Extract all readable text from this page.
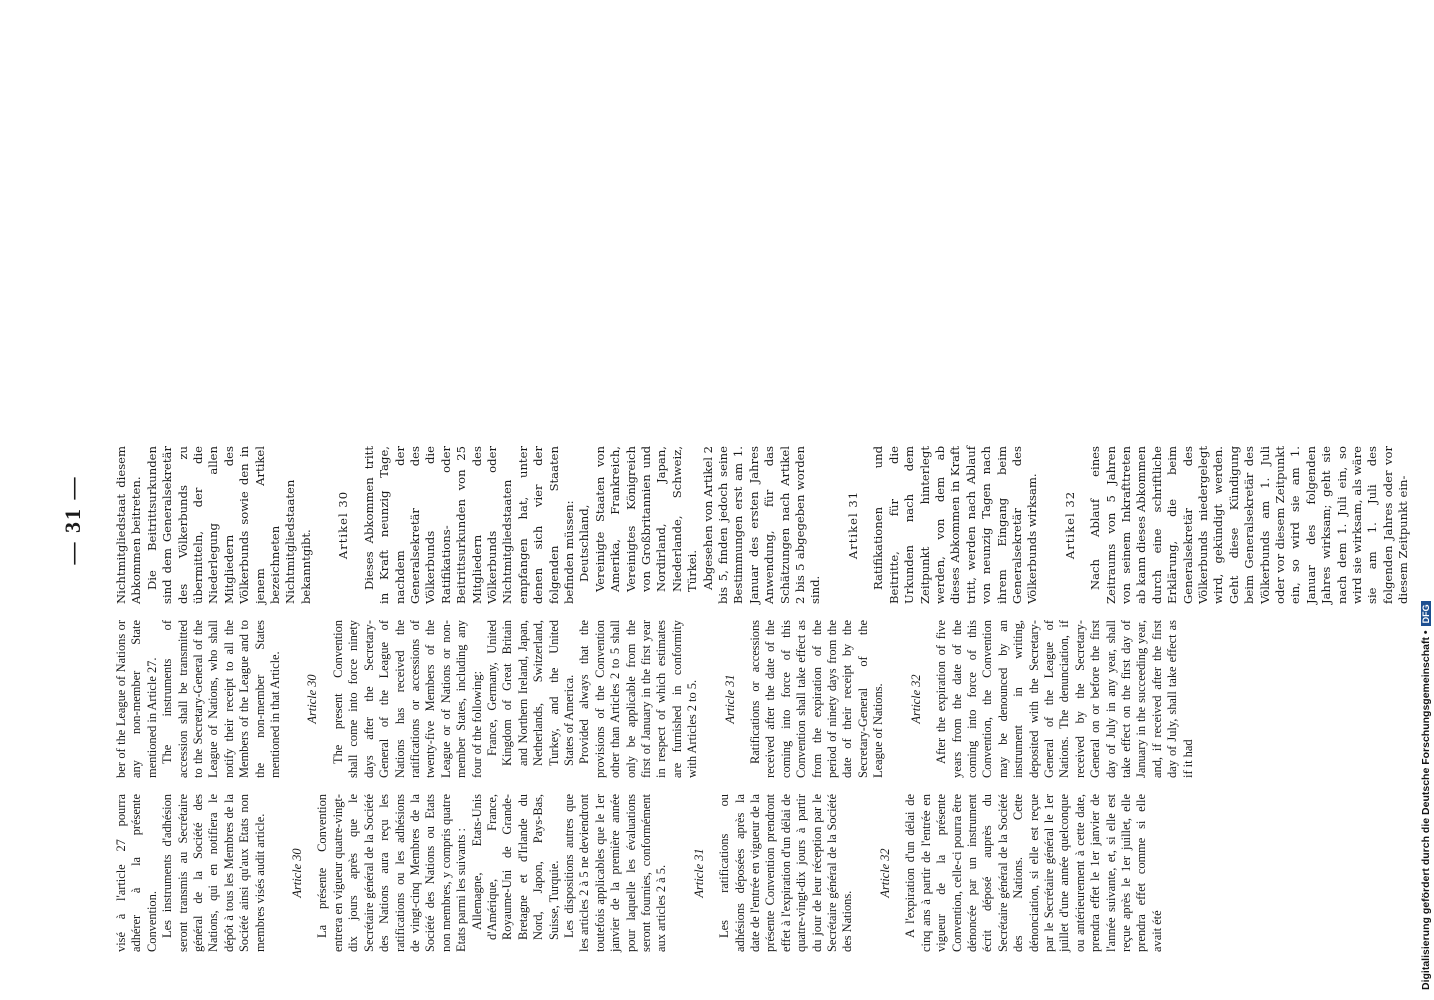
— 31 —

visé à l'article 27 pourra adhérer à la présente Convention. Les instruments d'adhésion seront transmis au Secrétaire général de la Société des Nations, qui en notifiera le dépôt à tous les Membres de la Société ainsi qu'aux Etats non membres visés audit article. Article 30 La présente Convention entrera en vigueur quatre-vingt-dix jours après que le Secrétaire général de la Société des Nations aura reçu les ratifications ou les adhésions de vingt-cinq Membres de la Société des Nations ou Etats non membres, y compris quatre Etats parmi les suivants : Allemagne, Etats-Unis d'Amérique, France, Royaume-Uni de Grande-Bretagne et d'Irlande du Nord, Japon, Pays-Bas, Suisse, Turquie. Les dispositions autres que les articles 2 à 5 ne deviendront toutefois applicables que le 1er janvier de la première année pour laquelle les évaluations seront fournies, conformément aux articles 2 à 5. Article 31 Les ratifications ou adhésions déposées après la date de l'entrée en vigueur de la présente Convention prendront effet à l'expiration d'un délai de quatre-vingt-dix jours à partir du jour de leur réception par le Secrétaire général de la Société des Nations.

Article 32 A l'expiration d'un délai de cinq ans à partir de l'entrée en vigueur de la présente Convention, celle-ci pourra être dénoncée par un instrument écrit déposé auprès du Secrétaire général de la Société des Nations. Cette dénonciation, si elle est reçue par le Secrétaire général le 1er juillet d'une année quelconque ou antérieurement à cette date, prendra effet le 1er janvier de l'année suivante, et, si elle est reçue après le 1er juillet, elle prendra effet comme si elle avait été

ber of the League of Nations or any non-member State mentioned in Article 27. The instruments of accession shall be transmitted to the Secretary-General of the League of Nations, who shall notify their receipt to all the Members of the League and to the non-member States mentioned in that Article. Article 30 The present Convention shall come into force ninety days after the Secretary-General of the League of Nations has received the ratifications or accessions of twenty-five Members of the League or of Nations or non-member States, including any four of the following: France, Germany, United Kingdom of Great Britain and Northern Ireland, Japan, Netherlands, Switzerland, Turkey, and the United States of America. Provided always that the provisions of the Convention other than Articles 2 to 5 shall only be applicable from the first of January in the first year in respect of which estimates are furnished in conformity with Articles 2 to 5. Article 31 Ratifications or accessions received after the date of the coming into force of this Convention shall take effect as from the expiration of the period of ninety days from the date of their receipt by the Secretary-General of the League of Nations. Article 32 After the expiration of five years from the date of the coming into force of this Convention, the Convention may be denounced by an instrument in writing, deposited with the Secretary-General of the League of Nations. The denunciation, if received by the Secretary-General on or before the first day of July in any year, shall take effect on the first day of January in the succeeding year, and, if received after the first day of July, shall take effect as if it had

Nichtmitgliedstaat diesem Abkommen beitreten. Die Beitrittsurkunden sind dem Generalsekretär des Völkerbunds zu übermitteln, der die Niederlegung allen Mitgliedern des Völkerbunds sowie den in jenem Artikel bezeichneten Nichtmitgliedstaaten bekanntgibt.

Artikel 30 Dieses Abkommen tritt in Kraft neunzig Tage, nachdem der Generalsekretär des Völkerbunds die Ratifikations- oder Beitrittsurkunden von 25 Mitgliedern des Völkerbunds oder Nichtmitgliedstaaten empfangen hat, unter denen sich vier der folgenden Staaten befinden müssen: Deutschland, Vereinigte Staaten von Amerika, Frankreich, Vereinigtes Königreich von Großbritannien und Nordirland, Japan, Niederlande, Schweiz, Türkei. Abgesehen von Artikel 2 bis 5, finden jedoch seine Bestimmungen erst am 1. Januar des ersten Jahres Anwendung, für das Schätzungen nach Artikel 2 bis 5 abgegeben worden sind.

Artikel 31 Ratifikationen und Beitritte, für die Urkunden nach dem Zeitpunkt hinterlegt werden, von dem ab dieses Abkommen in Kraft tritt, werden nach Ablauf von neunzig Tagen nach ihrem Eingang beim Generalsekretär des Völkerbunds wirksam. Artikel 32 Nach Ablauf eines Zeitraums von 5 Jahren von seinem Inkrafttreten ab kann dieses Abkommen durch eine schriftliche Erklärung, die beim Generalsekretär des Völkerbunds niedergelegt wird, gekündigt werden. Geht diese Kündigung beim Generalsekretär des Völkerbunds am 1. Juli oder vor diesem Zeitpunkt ein, so wird sie am 1. Januar des folgenden Jahres wirksam; geht sie nach dem 1. Juli ein, so wird sie wirksam, als wäre sie am 1. Juli des folgenden Jahres oder vor diesem Zeitpunkt ein-

Digitalisierung gefördert durch die Deutsche Forschungsgemeinschaft •DFG
